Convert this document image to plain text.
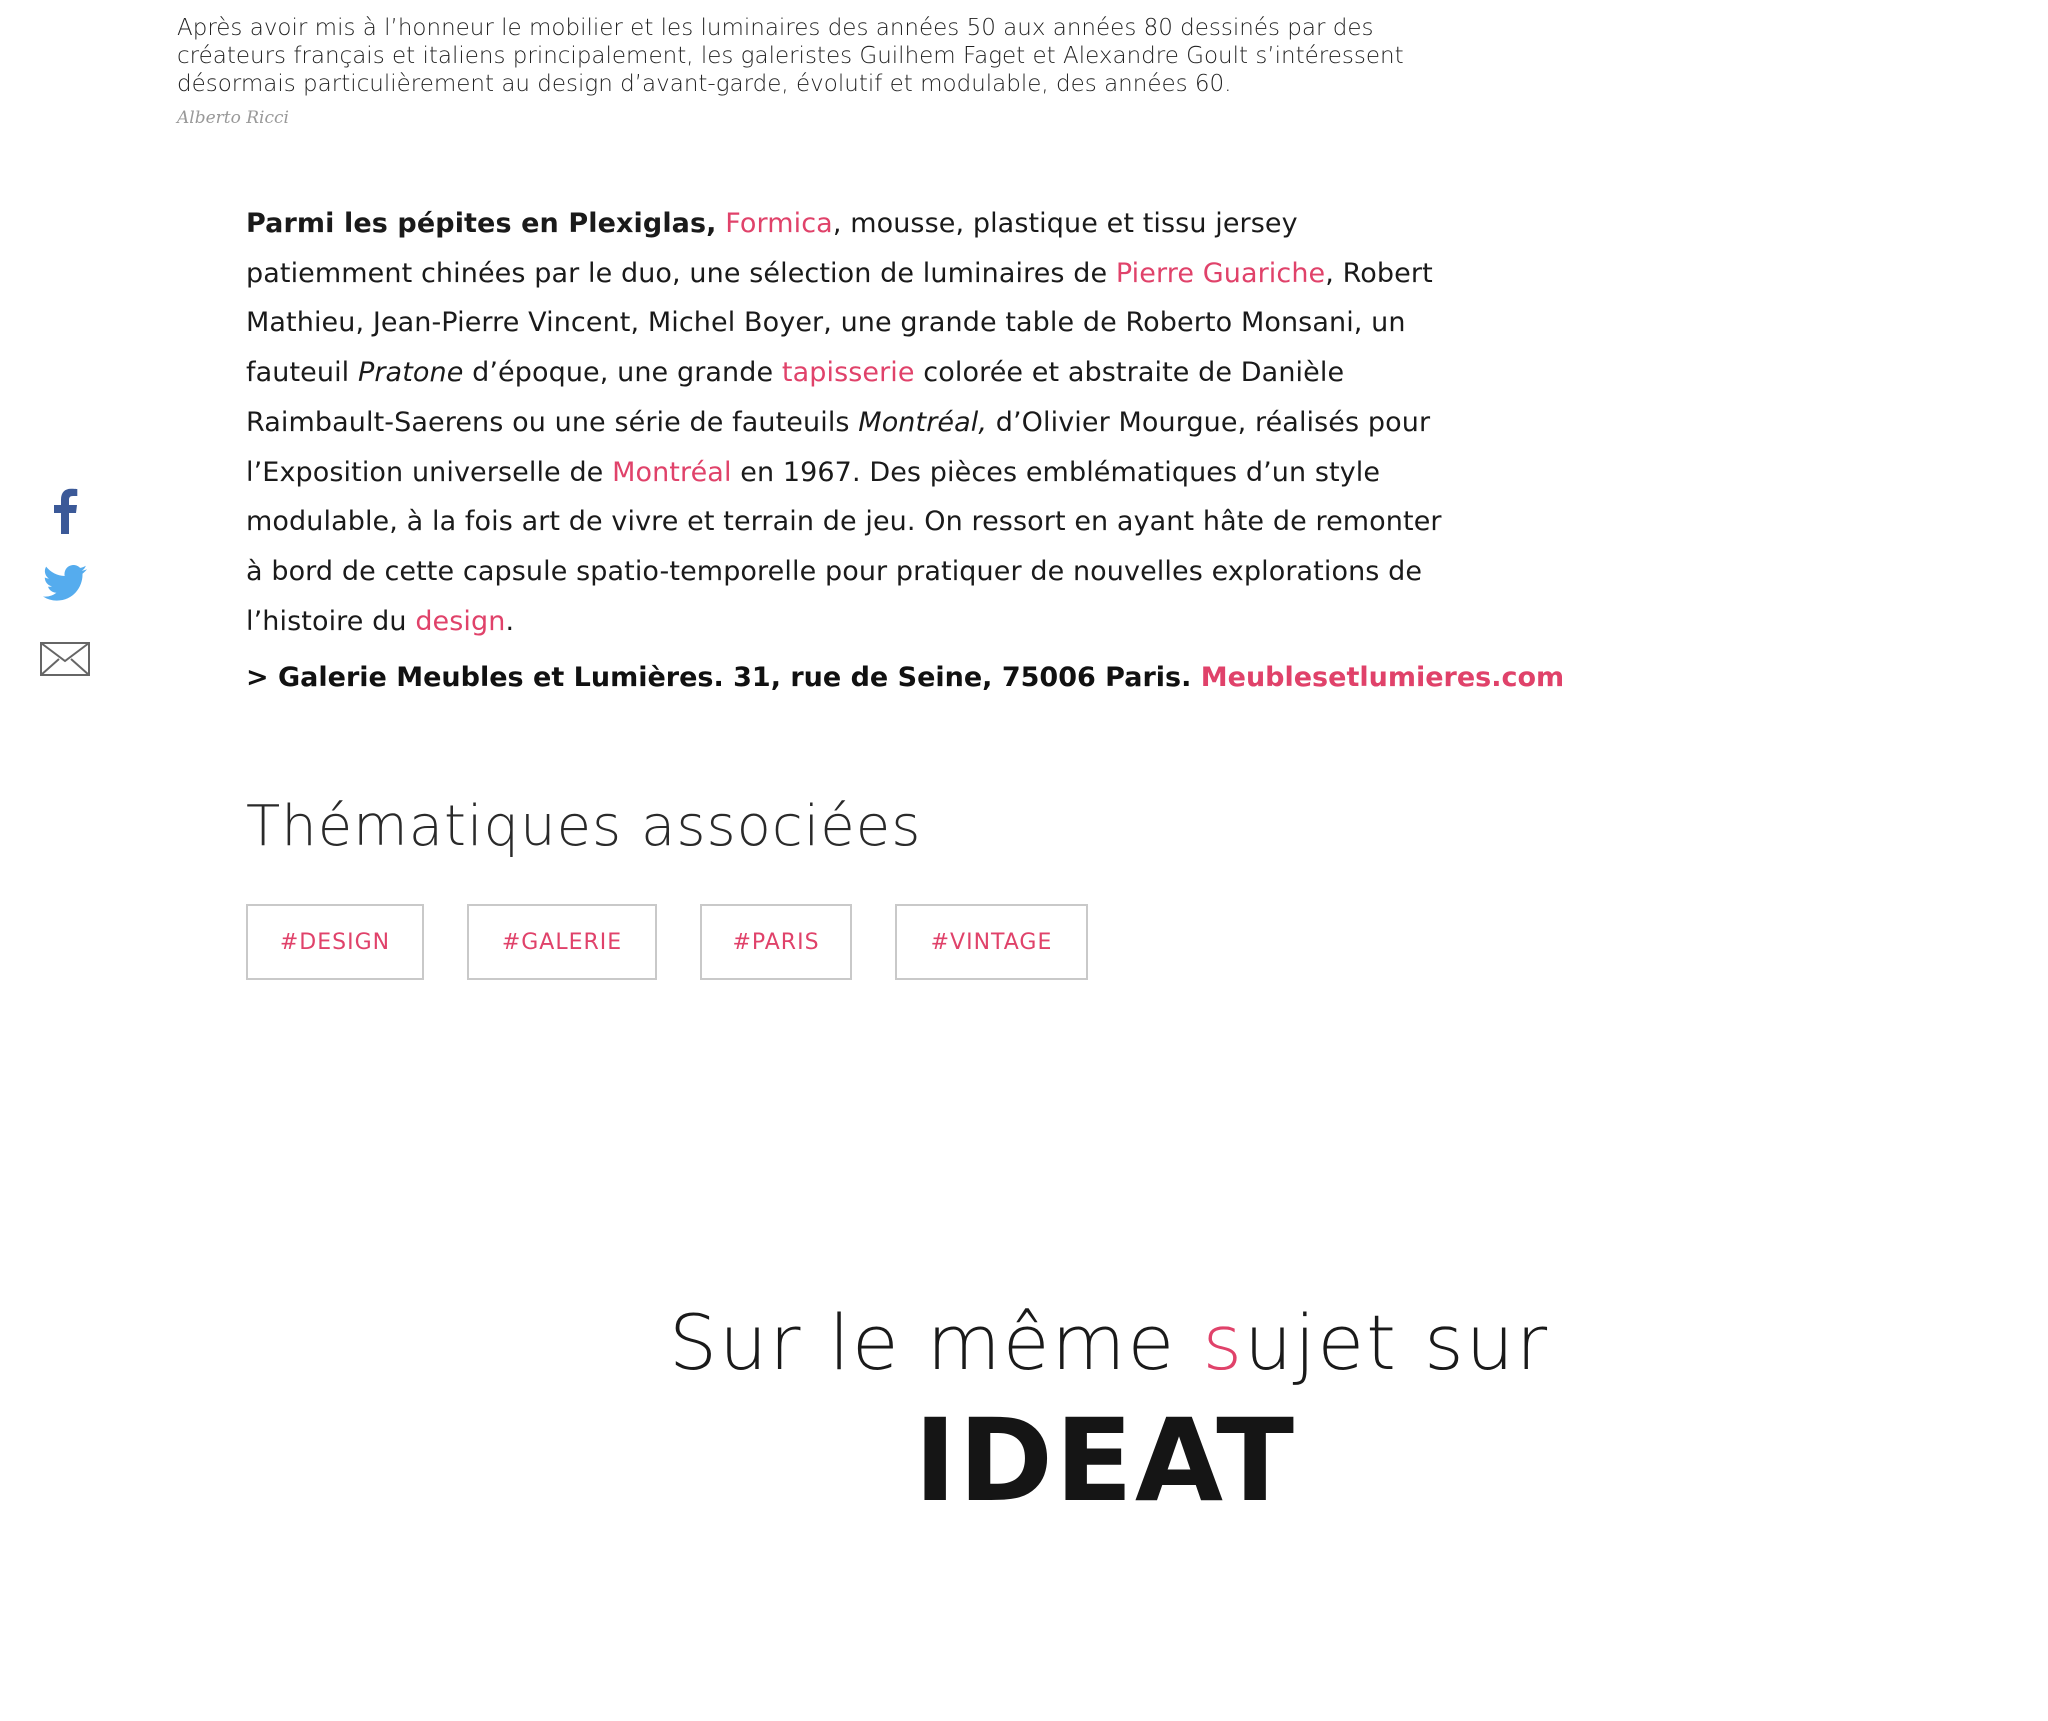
Après avoir mis à l’honneur le mobilier et les luminaires des années 50 aux années 80 dessinés par des créateurs français et italiens principalement, les galeristes Guilhem Faget et Alexandre Goult s’intéressent désormais particulièrement au design d’avant-garde, évolutif et modulable, des années 60.
Alberto Ricci
Parmi les pépites en Plexiglas, Formica, mousse, plastique et tissu jersey patiemment chinées par le duo, une sélection de luminaires de Pierre Guariche, Robert Mathieu, Jean-Pierre Vincent, Michel Boyer, une grande table de Roberto Monsani, un fauteuil Pratone d’époque, une grande tapisserie colorée et abstraite de Danièle Raimbault-Saerens ou une série de fauteuils Montréal, d’Olivier Mourgue, réalisés pour l’Exposition universelle de Montréal en 1967. Des pièces emblématiques d’un style modulable, à la fois art de vivre et terrain de jeu. On ressort en ayant hâte de remonter à bord de cette capsule spatio-temporelle pour pratiquer de nouvelles explorations de l’histoire du design.
> Galerie Meubles et Lumières. 31, rue de Seine, 75006 Paris. Meublesetlumieres.com
Thématiques associées
#DESIGN	#GALERIE	#PARIS	#VINTAGE
Sur le même sujet sur
IDEAT
